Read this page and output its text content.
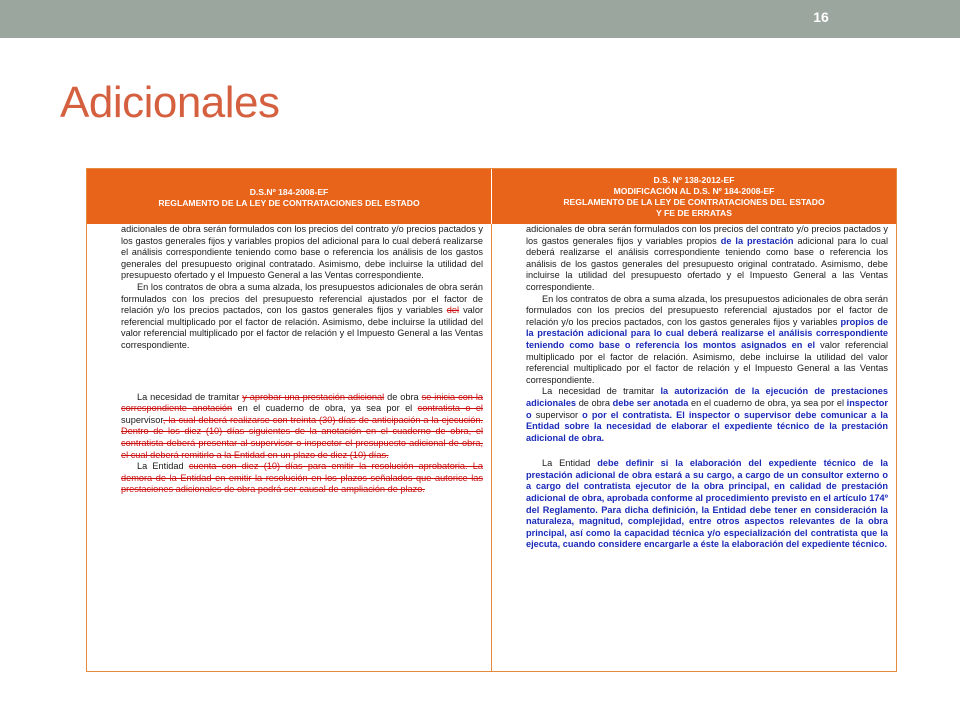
16
Adicionales
D.S.Nº 184-2008-EF
REGLAMENTO DE LA LEY DE CONTRATACIONES DEL ESTADO
D.S. Nº 138-2012-EF
MODIFICACIÓN AL D.S. Nº 184-2008-EF
REGLAMENTO DE LA LEY DE CONTRATACIONES DEL ESTADO
Y FE DE ERRATAS

adicionales de obra serán formulados con los precios del contrato y/o precios pactados y los gastos generales fijos y variables propios del adicional para lo cual deberá realizarse el análisis correspondiente teniendo como base o referencia los análisis de los gastos generales del presupuesto original contratado. Asimismo, debe incluirse la utilidad del presupuesto ofertado y el Impuesto General a las Ventas correspondiente.

En los contratos de obra a suma alzada, los presupuestos adicionales de obra serán formulados con los precios del presupuesto referencial ajustados por el factor de relación y/o los precios pactados, con los gastos generales fijos y variables del valor referencial multiplicado por el factor de relación. Asimismo, debe incluirse la utilidad del valor referencial multiplicado por el factor de relación y el Impuesto General a las Ventas correspondiente.

La necesidad de tramitar y aprobar una prestación adicional de obra se inicia con la correspondiente anotación en el cuaderno de obra, ya sea por el contratista o el supervisor, la cual deberá realizarse con treinta (30) días de anticipación a la ejecución. Dentro de los diez (10) días siguientes de la anotación en el cuaderno de obra, el contratista deberá presentar al supervisor o inspector el presupuesto adicional de obra, el cual deberá remitirlo a la Entidad en un plazo de diez (10) días.

La Entidad cuenta con diez (10) días para emitir la resolución aprobatoria. La demora de la Entidad en emitir la resolución en los plazos señalados que autorice las prestaciones adicionales de obra podrá ser causal de ampliación de plazo.

adicionales de obra serán formulados con los precios del contrato y/o precios pactados y los gastos generales fijos y variables propios de la prestación adicional para lo cual deberá realizarse el análisis correspondiente teniendo como base o referencia los análisis de los gastos generales del presupuesto original contratado. Asimismo, debe incluirse la utilidad del presupuesto ofertado y el Impuesto General a las Ventas correspondiente.

En los contratos de obra a suma alzada, los presupuestos adicionales de obra serán formulados con los precios del presupuesto referencial ajustados por el factor de relación y/o los precios pactados, con los gastos generales fijos y variables propios de la prestación adicional para lo cual deberá realizarse el análisis correspondiente teniendo como base o referencia los montos asignados en el valor referencial multiplicado por el factor de relación. Asimismo, debe incluirse la utilidad del valor referencial multiplicado por el factor de relación y el Impuesto General a las Ventas correspondiente.

La necesidad de tramitar la autorización de la ejecución de prestaciones adicionales de obra debe ser anotada en el cuaderno de obra, ya sea por el inspector o supervisor o por el contratista. El inspector o supervisor debe comunicar a la Entidad sobre la necesidad de elaborar el expediente técnico de la prestación adicional de obra.

La Entidad debe definir si la elaboración del expediente técnico de la prestación adicional de obra estará a su cargo, a cargo de un consultor externo o a cargo del contratista ejecutor de la obra principal, en calidad de prestación adicional de obra, aprobada conforme al procedimiento previsto en el artículo 174º del Reglamento. Para dicha definición, la Entidad debe tener en consideración la naturaleza, magnitud, complejidad, entre otros aspectos relevantes de la obra principal, así como la capacidad técnica y/o especialización del contratista que la ejecuta, cuando considere encargarle a éste la elaboración del expediente técnico.
